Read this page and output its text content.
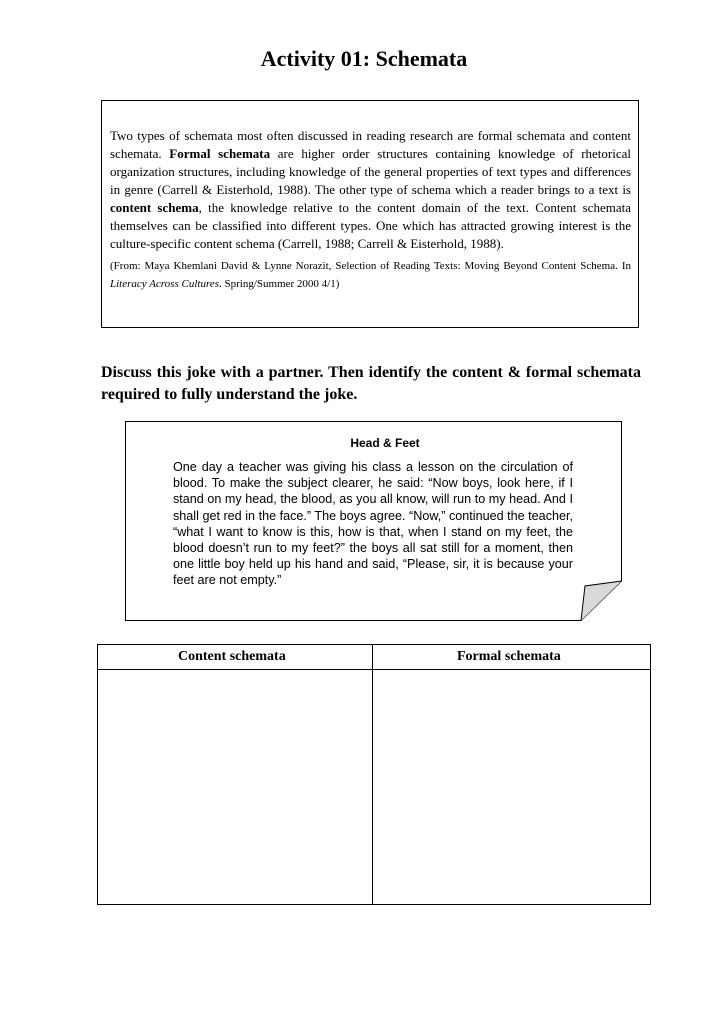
Activity 01: Schemata

Two types of schemata most often discussed in reading research are formal schemata and content schemata. Formal schemata are higher order structures containing knowledge of rhetorical organization structures, including knowledge of the general properties of text types and differences in genre (Carrell & Eisterhold, 1988). The other type of schema which a reader brings to a text is content schema, the knowledge relative to the content domain of the text. Content schemata themselves can be classified into different types. One which has attracted growing interest is the culture-specific content schema (Carrell, 1988; Carrell & Eisterhold, 1988).

(From: Maya Khemlani David & Lynne Norazit, Selection of Reading Texts: Moving Beyond Content Schema. In Literacy Across Cultures. Spring/Summer 2000 4/1)

Discuss this joke with a partner. Then identify the content & formal schemata required to fully understand the joke.

Head & Feet

One day a teacher was giving his class a lesson on the circulation of blood. To make the subject clearer, he said: “Now boys, look here, if I stand on my head, the blood, as you all know, will run to my head. And I shall get red in the face.” The boys agree. “Now,” continued the teacher, “what I want to know is this, how is that, when I stand on my feet, the blood doesn’t run to my feet?” the boys all sat still for a moment, then one little boy held up his hand and said, “Please, sir, it is because your feet are not empty.”

Content schemata	Formal schemata
